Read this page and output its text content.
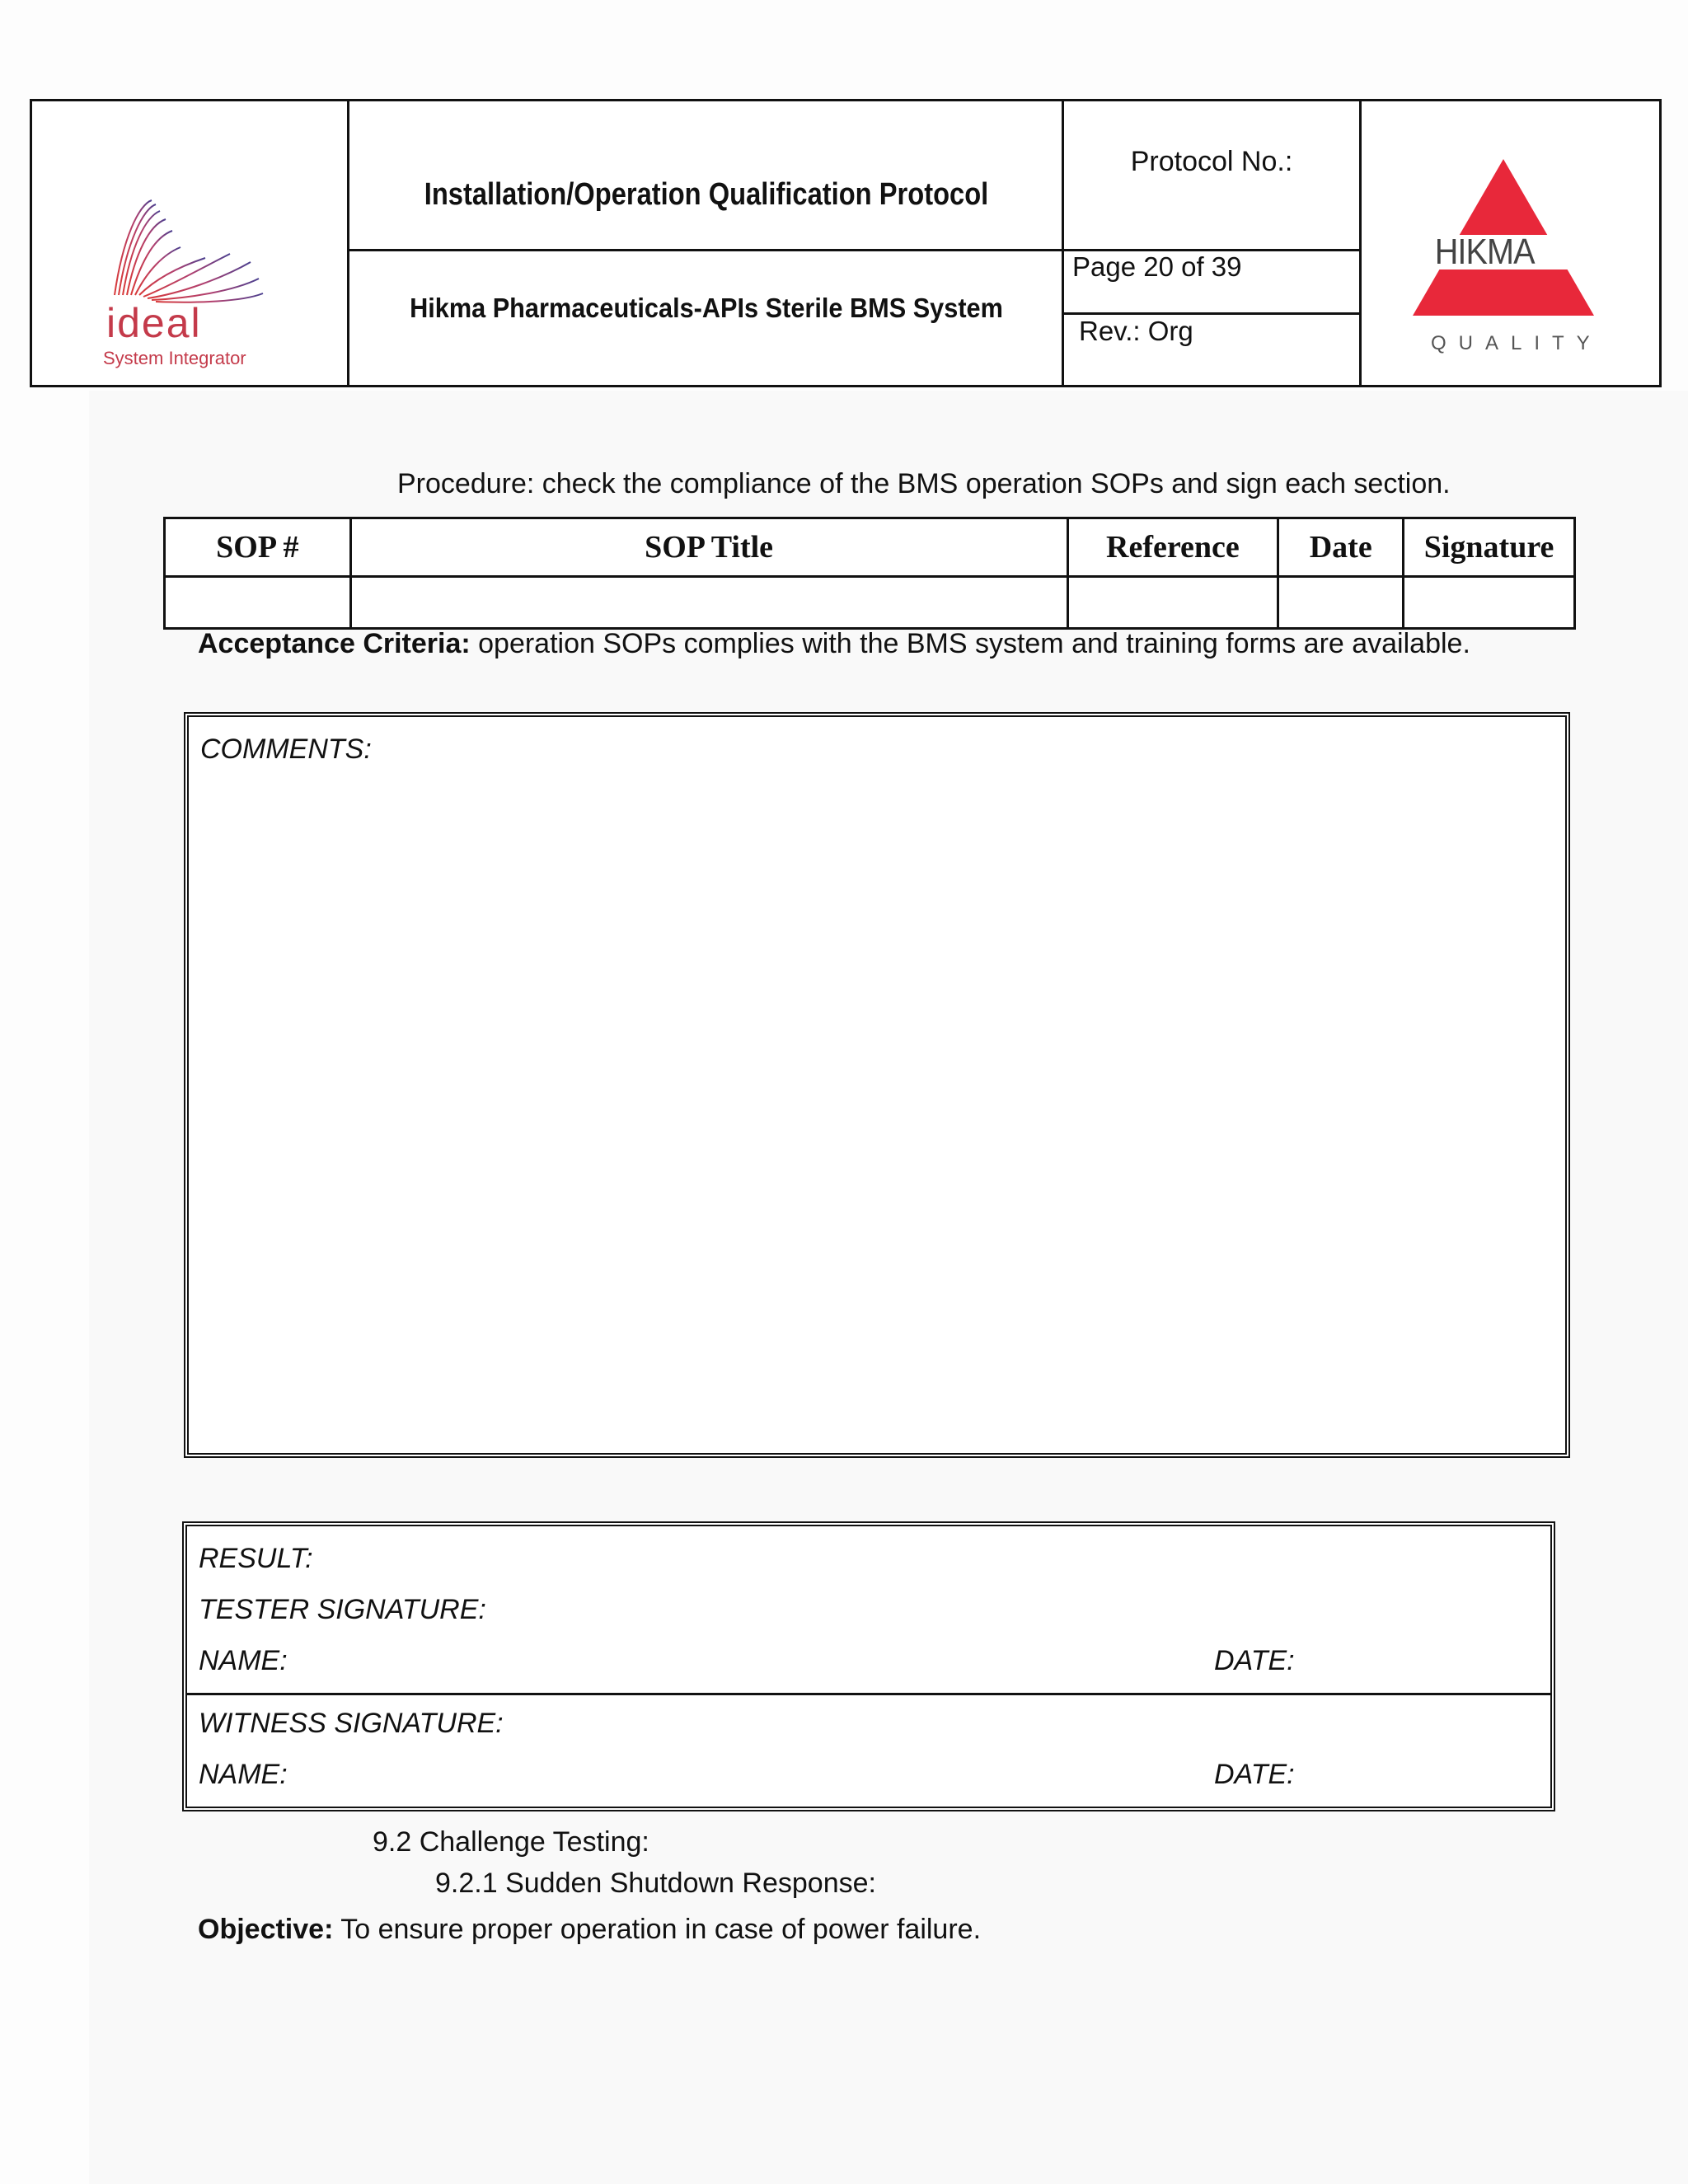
ideal
System Integrator
Installation/Operation Qualification Protocol
Hikma Pharmaceuticals-APIs Sterile BMS System
Protocol No.:
Page 20 of 39
Rev.: Org
HIKMA
QUALITY
Procedure: check the compliance of the BMS operation SOPs and sign each section.
SOP #	SOP Title	Reference	Date	Signature

Acceptance Criteria: operation SOPs complies with the BMS system and training forms are available.
COMMENTS:
RESULT:
TESTER SIGNATURE:
NAME:	DATE:
WITNESS SIGNATURE:
NAME:	DATE:
9.2 Challenge Testing:
9.2.1 Sudden Shutdown Response:
Objective: To ensure proper operation in case of power failure.
